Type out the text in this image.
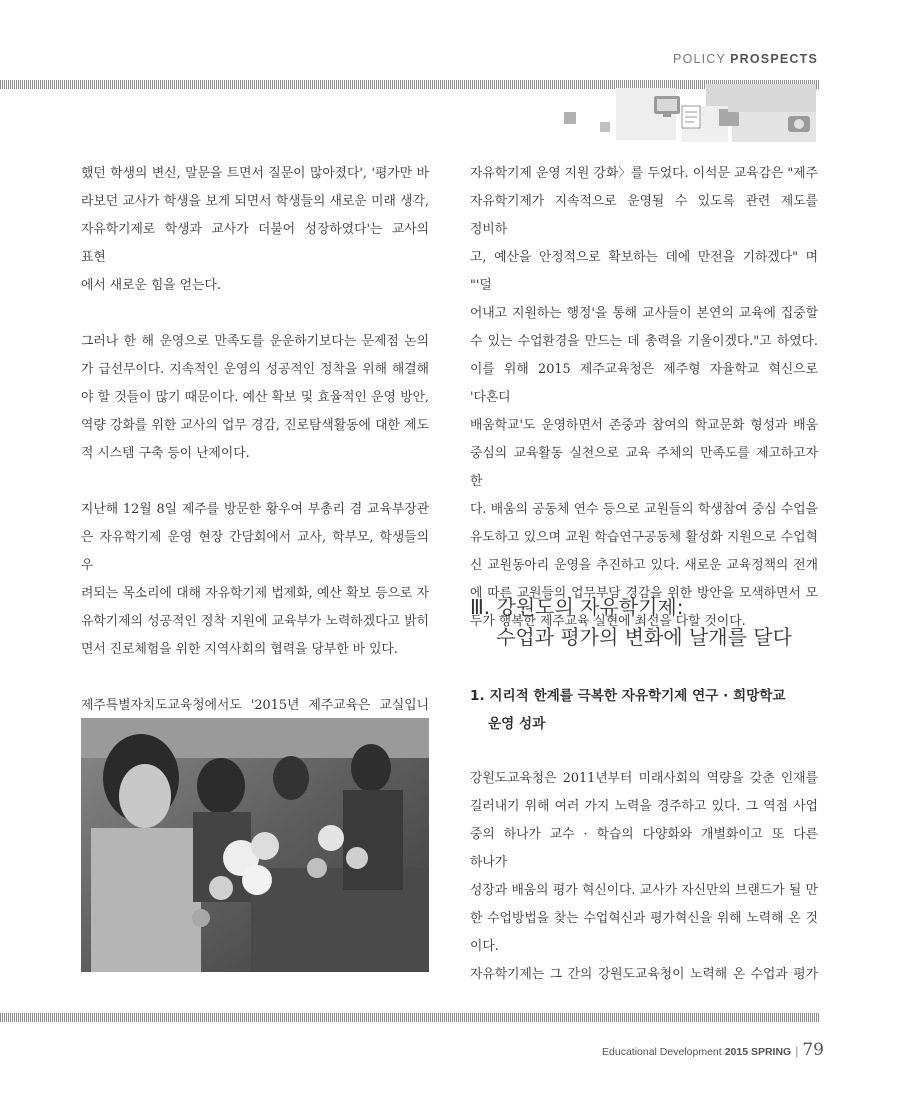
POLICY PROSPECTS

했던 학생의 변신, 말문을 트면서 질문이 많아졌다', '평가만 바

라보던 교사가 학생을 보게 되면서 학생들의 새로운 미래 생각,

자유학기제로 학생과 교사가 더불어 성장하였다'는 교사의 표현

에서 새로운 힘을 얻는다.

그러나 한 해 운영으로 만족도를 운운하기보다는 문제점 논의

가 급선무이다. 지속적인 운영의 성공적인 정착을 위해 해결해

야 할 것들이 많기 때문이다. 예산 확보 및 효율적인 운영 방안,

역량 강화를 위한 교사의 업무 경감, 진로탐색활동에 대한 제도

적 시스템 구축 등이 난제이다.

지난해 12월 8일 제주를 방문한 황우여 부총리 겸 교육부장관

은 자유학기제 운영 현장 간담회에서 교사, 학부모, 학생들의 우

려되는 목소리에 대해 자유학기제 법제화, 예산 확보 등으로 자

유학기제의 성공적인 정착 지원에 교육부가 노력하겠다고 밝히

면서 진로체험을 위한 지역사회의 협력을 당부한 바 있다.

제주특별자치도교육청에서도 '2015년 제주교육은 교실입니

자유학기제 운영 지원 강화〉를 두었다. 이석문 교육감은 "제주

자유학기제가 지속적으로 운영될 수 있도록 관련 제도를 정비하

고, 예산을 안정적으로 확보하는 데에 만전을 기하겠다" 며 "'덜

어내고 지원하는 행정'을 통해 교사들이 본연의 교육에 집중할

수 있는 수업환경을 만드는 데 총력을 기울이겠다."고 하였다.

이를 위해 2015 제주교육청은 제주형 자율학교 혁신으로 '다혼디

배움학교'도 운영하면서 존중과 참여의 학교문화 형성과 배움

중심의 교육활동 실천으로 교육 주체의 만족도를 제고하고자 한

다. 배움의 공동체 연수 등으로 교원들의 학생참여 중심 수업을

유도하고 있으며 교원 학습연구공동체 활성화 지원으로 수업혁

신 교원동아리 운영을 추진하고 있다. 새로운 교육정책의 전개

에 따른 교원들의 업무부담 경감을 위한 방안을 모색하면서 모

두가 행복한 제주교육 실현에 최선을 다할 것이다.

Ⅲ. 강원도의 자유학기제:
수업과 평가의 변화에 날개를 달다
1. 지리적 한계를 극복한 자유학기제 연구 · 희망학교
운영 성과

강원도교육청은 2011년부터 미래사회의 역량을 갖춘 인재를

길러내기 위해 여러 가지 노력을 경주하고 있다. 그 역점 사업

중의 하나가 교수 · 학습의 다양화와 개별화이고 또 다른 하나가

성장과 배움의 평가 혁신이다. 교사가 자신만의 브랜드가 될 만

한 수업방법을 찾는 수업혁신과 평가혁신을 위해 노력해 온 것

이다.

자유학기제는 그 간의 강원도교육청이 노력해 온 수업과 평가

Educational Development 2015 SPRING | 79
